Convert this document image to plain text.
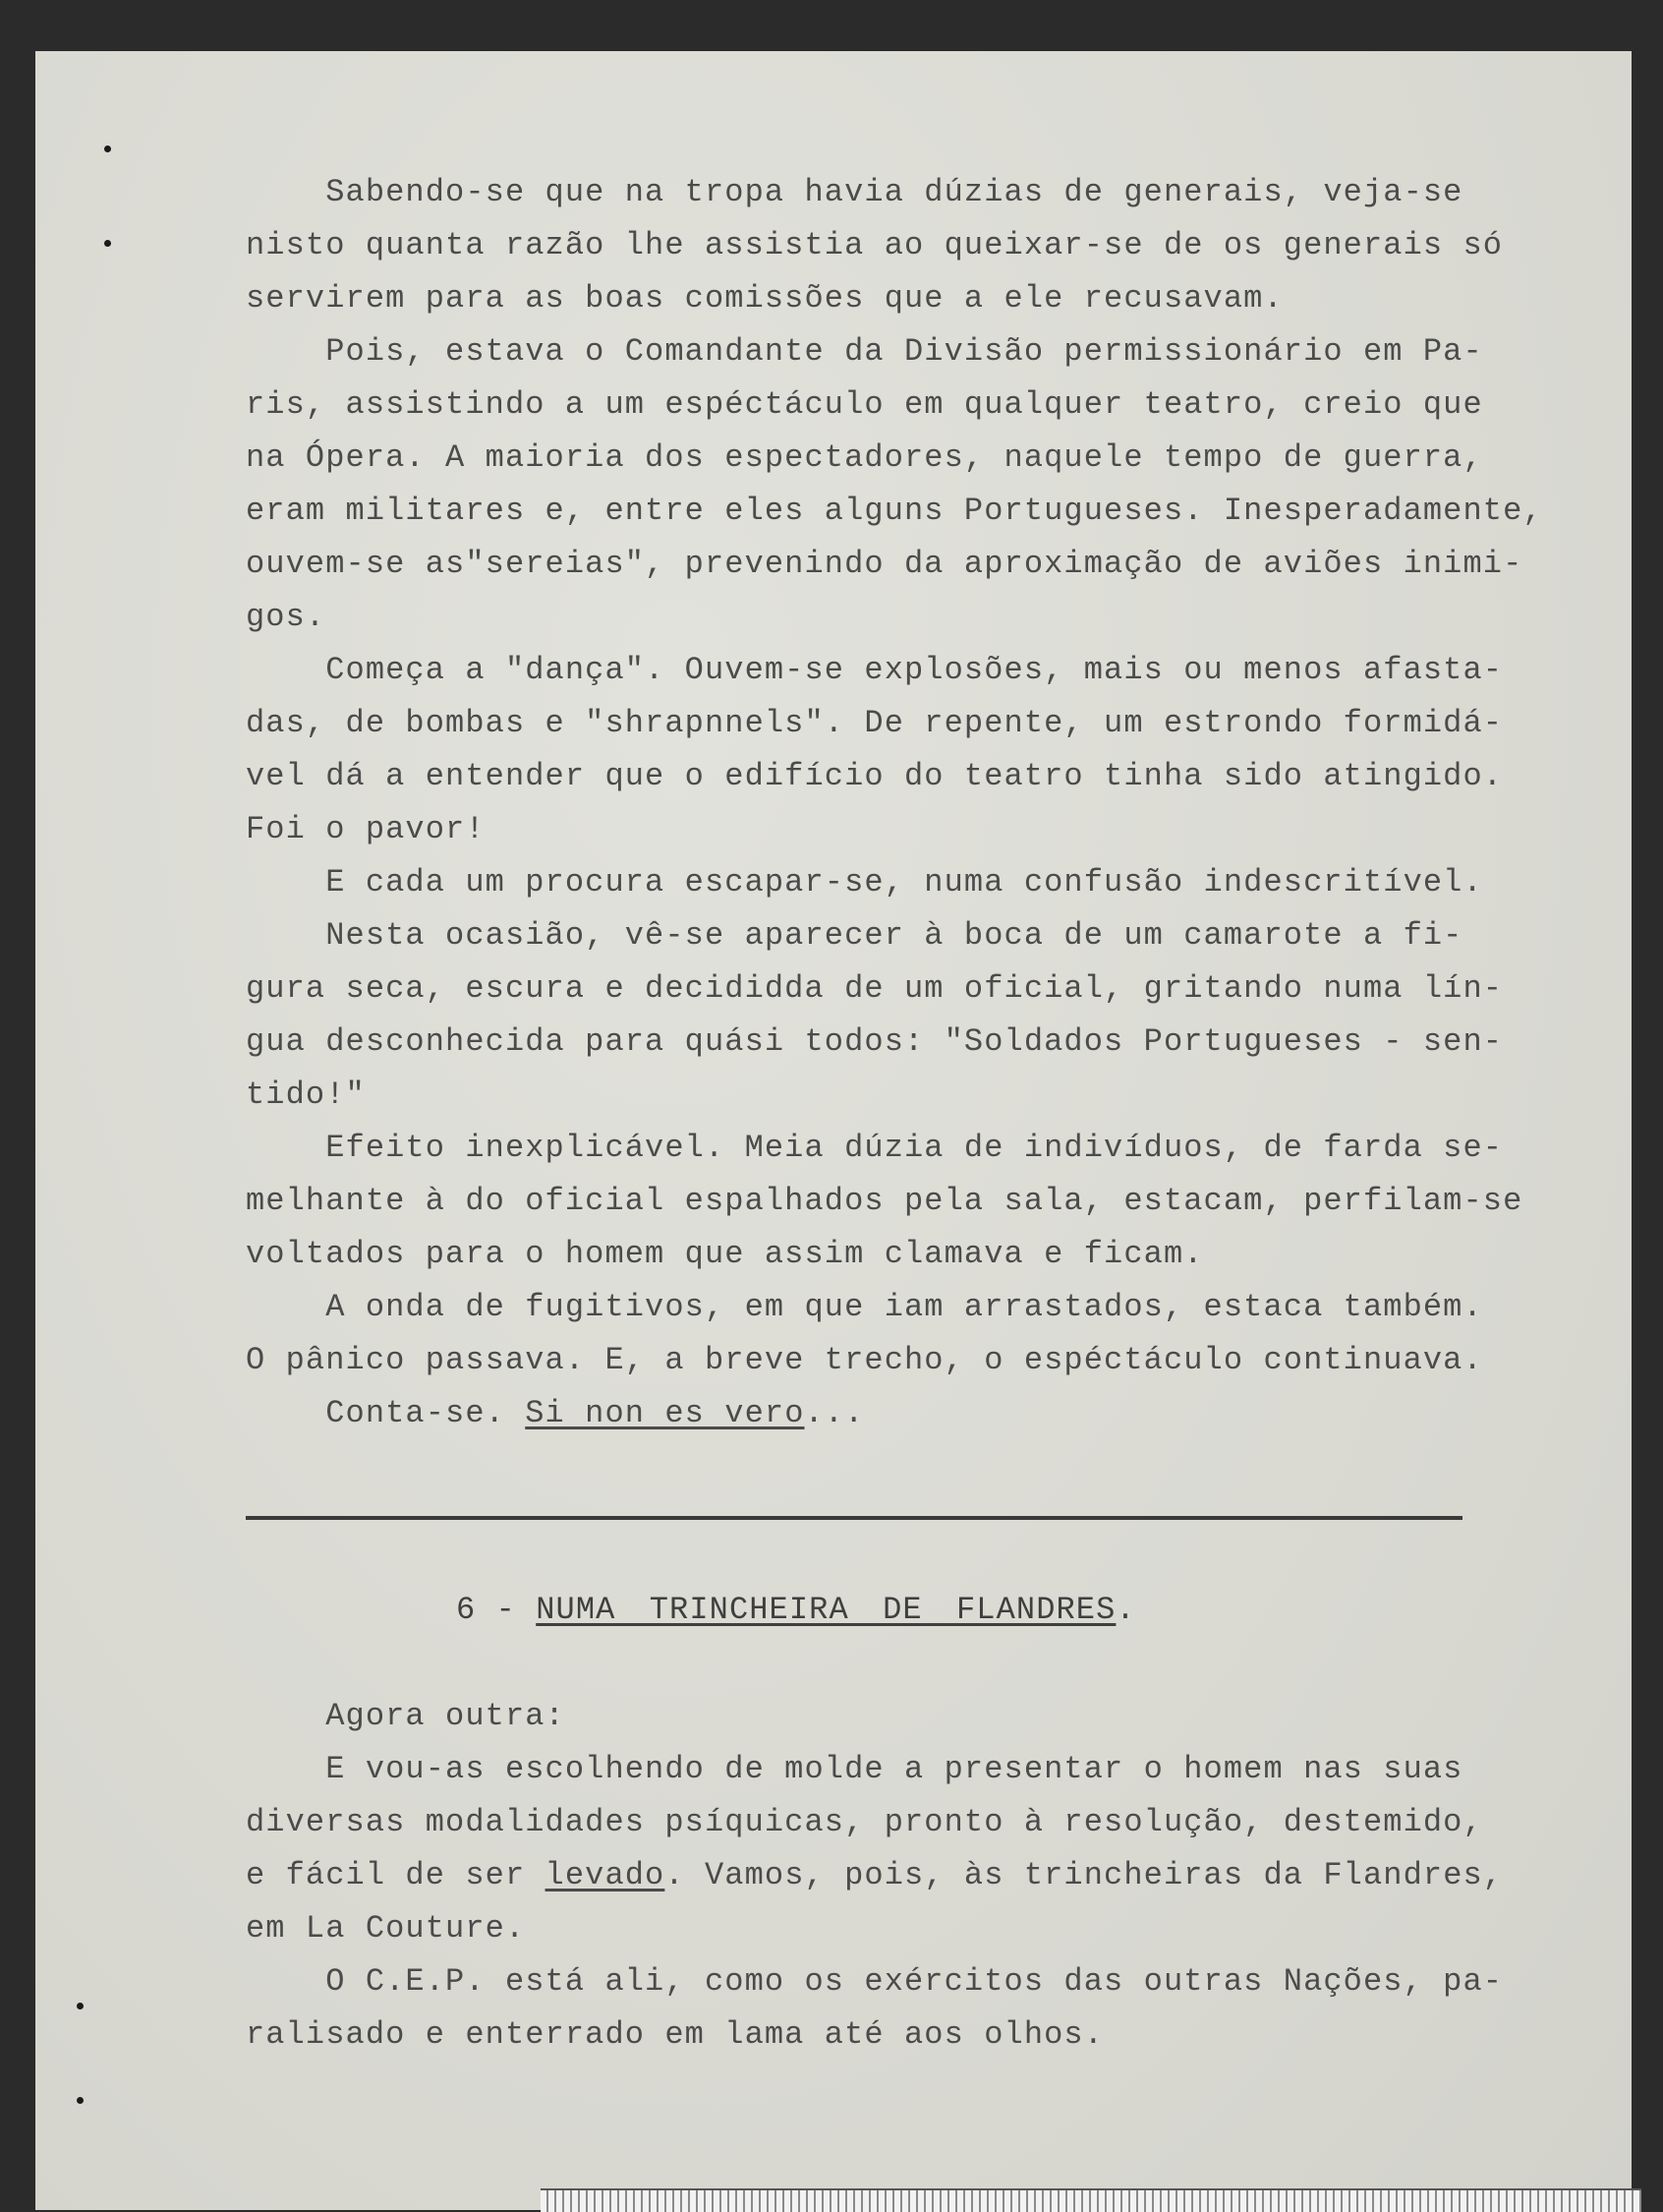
Sabendo-se que na tropa havia dúzias de generais, veja-se
nisto quanta razão lhe assistia ao queixar-se de os generais só
servirem para as boas comissões que a ele recusavam.
Pois, estava o Comandante da Divisão permissionário em Pa-
ris, assistindo a um espéctáculo em qualquer teatro, creio que
na Ópera. A maioria dos espectadores, naquele tempo de guerra,
eram militares e, entre eles alguns Portugueses. Inesperadamente,
ouvem-se as"sereias", prevenindo da aproximação de aviões inimi-
gos.
Começa a "dança". Ouvem-se explosões, mais ou menos afasta-
das, de bombas e "shrapnnels". De repente, um estrondo formidá-
vel dá a entender que o edifício do teatro tinha sido atingido.
Foi o pavor!
E cada um procura escapar-se, numa confusão indescritível.
Nesta ocasião, vê-se aparecer à boca de um camarote a fi-
gura seca, escura e decididda de um oficial, gritando numa lín-
gua desconhecida para quási todos: "Soldados Portugueses - sen-
tido!"
Efeito inexplicável. Meia dúzia de indivíduos, de farda se-
melhante à do oficial espalhados pela sala, estacam, perfilam-se
voltados para o homem que assim clamava e ficam.
A onda de fugitivos, em que iam arrastados, estaca também.
O pânico passava. E, a breve trecho, o espéctáculo continuava.
Conta-se. Si non es vero...
6 - NUMA TRINCHEIRA DE FLANDRES.
Agora outra:
E vou-as escolhendo de molde a presentar o homem nas suas
diversas modalidades psíquicas, pronto à resolução, destemido,
e fácil de ser levado. Vamos, pois, às trincheiras da Flandres,
em La Couture.
O C.E.P. está ali, como os exércitos das outras Nações, pa-
ralisado e enterrado em lama até aos olhos.
